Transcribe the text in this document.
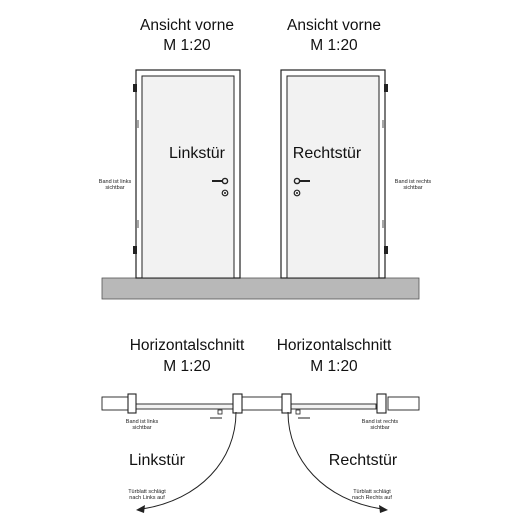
Ansicht vorne
M 1:20
Ansicht vorne
M 1:20
Linkstür
Band ist links
sichtbar
Rechtstür
Band ist rechts
sichtbar
Horizontalschnitt
M 1:20
Horizontalschnitt
M 1:20
Band ist links
sichtbar
Band ist rechts
sichtbar
Linkstür	Rechtstür
Türblatt schlägt
nach Links auf
Türblatt schlägt
nach Rechts auf
